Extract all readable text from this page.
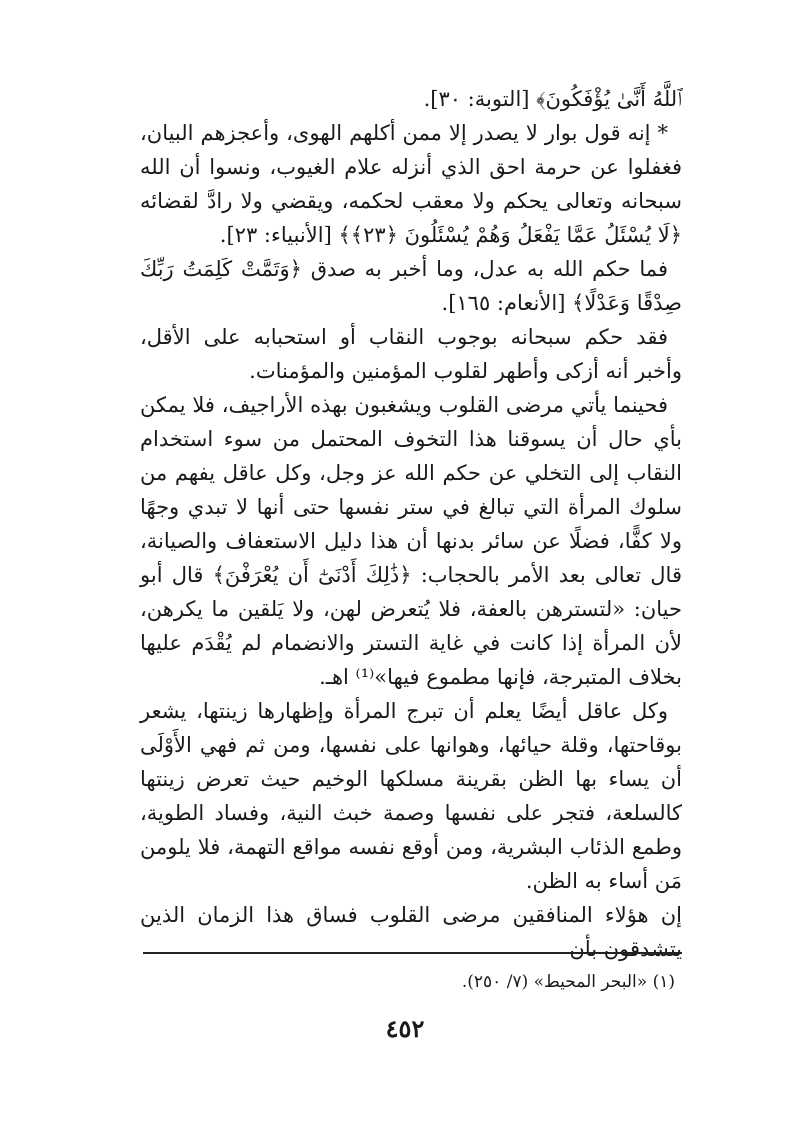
ﭐﻟﻠَّﻪُ أَنَّىٰ يُؤْفَكُونَ﴾ [التوبة: ٣٠].

* إنه قول بوار لا يصدر إلا ممن أكلهم الهوى، وأعجزهم البيان، فغفلوا عن حرمة احق الذي أنزله علام الغيوب، ونسوا أن الله سبحانه وتعالى يحكم ولا معقب لحكمه، ويقضي ولا رادَّ لقضائه ﴿لَا يُسْئَلُ عَمَّا يَفْعَلُ وَهُمْ يُسْئَلُونَ ﴿٢٣﴾﴾ [الأنبياء: ٢٣].

فما حكم الله به عدل، وما أخبر به صدق ﴿وَتَمَّتْ كَلِمَتُ رَبِّكَ صِدْقًا وَعَدْلًا﴾ [الأنعام: ١٦٥].

فقد حكم سبحانه بوجوب النقاب أو استحبابه على الأقل، وأخبر أنه أزكى وأطهر لقلوب المؤمنين والمؤمنات.

فحينما يأتي مرضى القلوب ويشغبون بهذه الأراجيف، فلا يمكن بأي حال أن يسوقنا هذا التخوف المحتمل من سوء استخدام النقاب إلى التخلي عن حكم الله عز وجل، وكل عاقل يفهم من سلوك المرأة التي تبالغ في ستر نفسها حتى أنها لا تبدي وجهًا ولا كفًّا، فضلًا عن سائر بدنها أن هذا دليل الاستعفاف والصيانة، قال تعالى بعد الأمر بالحجاب: ﴿ذَٰلِكَ أَدْنَىٰٓ أَن يُعْرَفْنَ﴾ قال أبو حيان: «لتسترهن بالعفة، فلا يُتعرض لهن، ولا يَلقين ما يكرهن، لأن المرأة إذا كانت في غاية التستر والانضمام لم يُقْدَم عليها بخلاف المتبرجة، فإنها مطموع فيها»⁽¹⁾ اهـ.

وكل عاقل أيضًا يعلم أن تبرج المرأة وإظهارها زينتها، يشعر بوقاحتها، وقلة حيائها، وهوانها على نفسها، ومن ثم فهي الأَوْلَى أن يساء بها الظن بقرينة مسلكها الوخيم حيث تعرض زينتها كالسلعة، فتجر على نفسها وصمة خبث النية، وفساد الطوية، وطمع الذئاب البشرية، ومن أوقع نفسه مواقع التهمة، فلا يلومن مَن أساء به الظن.

إن هؤلاء المنافقين مرضى القلوب فساق هذا الزمان الذين يتشدقون بأن

(١) «البحر المحيط» (٧/ ٢٥٠).
٤٥٢
